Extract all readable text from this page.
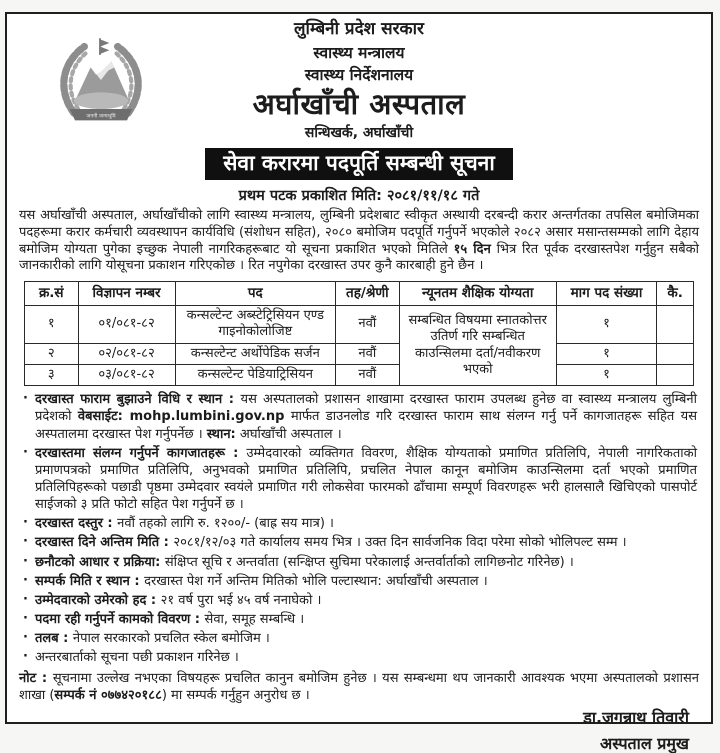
जननी जन्मभूमि
लुम्बिनी प्रदेश सरकार
स्वास्थ्य मन्त्रालय
स्वास्थ्य निर्देशनालय
अर्घाखाँची अस्पताल
सन्धिखर्क, अर्घाखाँची
सेवा करारमा पदपूर्ति सम्बन्धी सूचना
प्रथम पटक प्रकाशित मिति: २०८१/११/१८ गते
यस अर्घाखाँची अस्पताल, अर्घाखाँचीको लागि स्वास्थ्य मन्त्रालय, लुम्बिनी प्रदेशबाट स्वीकृत अस्थायी दरबन्दी करार अन्तर्गतका तपसिल बमोजिमका पदहरूमा करार कर्मचारी व्यवस्थापन कार्यविधि (संशोधन सहित), २०८० बमोजिम पदपूर्ति गर्नुपर्ने भएकोले २०८२ असार मसान्तसम्मको लागि देहाय बमोजिम योग्यता पुगेका इच्छुक नेपाली नागरिकहरूबाट यो सूचना प्रकाशित भएको मितिले १५ दिन भित्र रित पूर्वक दरखास्तपेश गर्नुहुन सबैको जानकारीको लागि योसूचना प्रकाशन गरिएकोछ । रित नपुगेका दरखास्त उपर कुनै कारबाही हुने छैन ।
क्र.सं	विज्ञापन नम्बर	पद	तह/श्रेणी	न्यूनतम शैक्षिक योग्यता	माग पद संख्या	कै.
१	०१/०८१-८२	कन्सल्टेन्ट अब्स्टेट्रिसियन एण्ड गाइनोकोलोजिष्ट	नवौं	सम्बन्धित विषयमा स्नातकोत्तर उतिर्ण गरि सम्बन्धित काउन्सिलमा दर्ता/नवीकरण भएको	१	
२	०२/०८१-८२	कन्सल्टेन्ट अर्थोपेडिक सर्जन	नवौं		१	
३	०३/०८१-८२	कन्सल्टेन्ट पेडियाट्रिसियन	नवौं		१	
· दरखास्त फाराम बुझाउने विधि र स्थान : यस अस्पतालको प्रशासन शाखामा दरखास्त फाराम उपलब्ध हुनेछ वा स्वास्थ्य मन्त्रालय लुम्बिनी प्रदेशको वेबसाईट: mohp.lumbini.gov.np मार्फत डाउनलोड गरि दरखास्त फाराम साथ संलग्न गर्नु पर्ने कागजातहरू सहित यस अस्पतालमा दरखास्त पेश गर्नुपर्नेछ । स्थान: अर्घाखाँची अस्पताल ।
· दरखास्तमा संलग्न गर्नुपर्ने कागजातहरू : उम्मेदवारको व्यक्तिगत विवरण, शैक्षिक योग्यताको प्रमाणित प्रतिलिपि, नेपाली नागरिकताको प्रमाणपत्रको प्रमाणित प्रतिलिपि, अनुभवको प्रमाणित प्रतिलिपि, प्रचलित नेपाल कानून बमोजिम काउन्सिलमा दर्ता भएको प्रमाणित प्रतिलिपिहरूको पछाडी पृष्ठमा उम्मेदवार स्वयंले प्रमाणित गरी लोकसेवा फारमको ढाँचामा सम्पूर्ण विवरणहरू भरी हालसालै खिचिएको पासपोर्ट साईजको ३ प्रति फोटो सहित पेश गर्नुपर्ने छ ।
· दरखास्त दस्तुर : नवौं तहको लागि रु. १२००/- (बाह्र सय मात्र) ।
· दरखास्त दिने अन्तिम मिति : २०८१/१२/०३ गते कार्यालय समय भित्र । उक्त दिन सार्वजनिक विदा परेमा सोको भोलिपल्ट सम्म ।
· छनौटको आधार र प्रक्रिया: संक्षिप्त सूचि र अन्तर्वाता (सन्क्षिप्त सुचिमा परेकालाई अन्तर्वार्ताको लागिछनोट गरिनेछ) ।
· सम्पर्क मिति र स्थान : दरखास्त पेश गर्ने अन्तिम मितिको भोलि पल्टास्थान: अर्घाखाँची अस्पताल ।
· उम्मेदवारको उमेरको हद : २१ वर्ष पुरा भई ४५ वर्ष ननाघेको ।
· पदमा रही गर्नुपर्ने कामको विवरण : सेवा, समूह सम्बन्धि ।
· तलब : नेपाल सरकारको प्रचलित स्केल बमोजिम ।
· अन्तरबार्ताको सूचना पछी प्रकाशन गरिनेछ ।
नोट : सूचनामा उल्लेख नभएका विषयहरू प्रचलित कानुन बमोजिम हुनेछ । यस सम्बन्धमा थप जानकारी आवश्यक भएमा अस्पतालको प्रशासन शाखा (सम्पर्क नं ०७७४२०१८८) मा सम्पर्क गर्नुहुन अनुरोध छ ।
डा.जगन्नाथ तिवारी
अस्पताल प्रमुख
